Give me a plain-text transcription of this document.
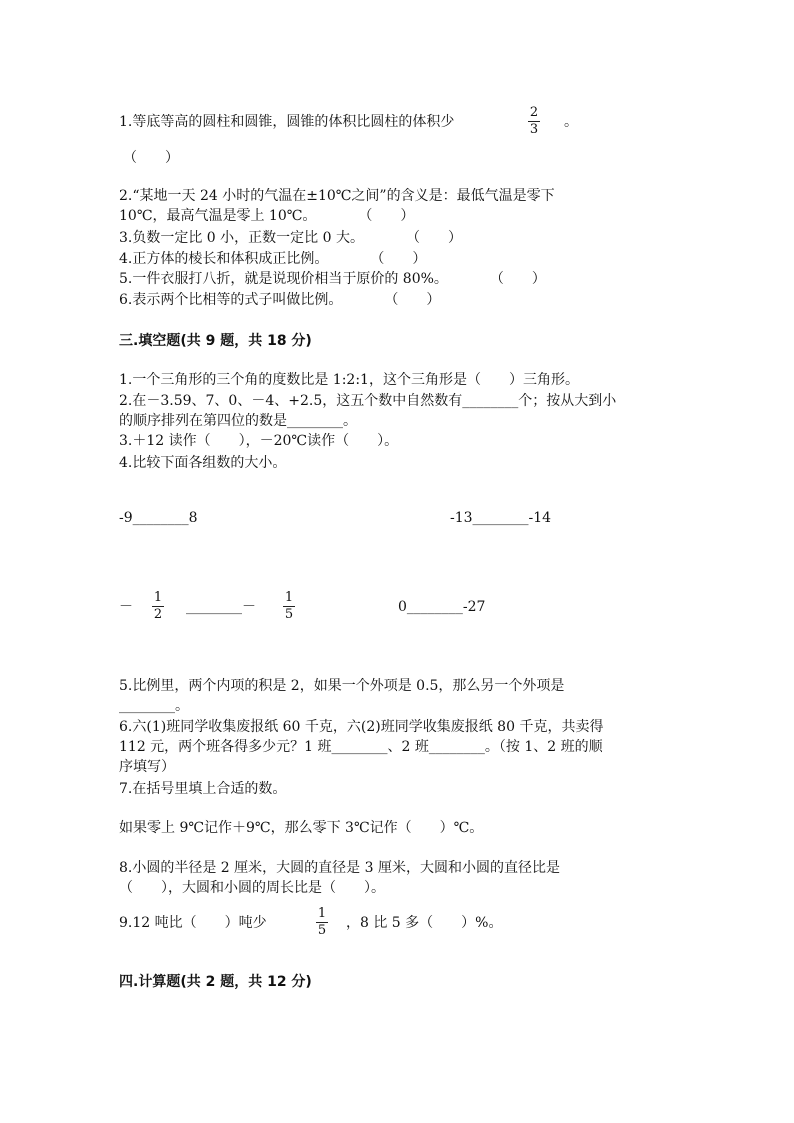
1.等底等高的圆柱和圆锥，圆锥的体积比圆柱的体积少
2
3 。
（　　）
2.“某地一天 24 小时的气温在±10℃之间”的含义是：最低气温是零下
10℃，最高气温是零上 10℃。　　　　（　　）
3.负数一定比 0 小，正数一定比 0 大。　　　　（　　）
4.正方体的棱长和体积成正比例。　　　　（　　）
5.一件衣服打八折，就是说现价相当于原价的 80%。　　　　（　　）
6.表示两个比相等的式子叫做比例。　　　　（　　）
三.填空题(共 9 题，共 18 分)
1.一个三角形的三个角的度数比是 1:2:1，这个三角形是（　　）三角形。
2.在－3.59、7、0、－4、+2.5，这五个数中自然数有________个；按从大到小
的顺序排列在第四位的数是________。
3.＋12 读作（　　），－20℃读作（　　）。
4.比较下面各组数的大小。
-9________8	-13________-14
－
1
2 ________－
1
5	0________-27
5.比例里，两个内项的积是 2，如果一个外项是 0.5，那么另一个外项是
________。
6.六(1)班同学收集废报纸 60 千克，六(2)班同学收集废报纸 80 千克，共卖得
112 元，两个班各得多少元？1 班________、2 班________。（按 1、2 班的顺
序填写）
7.在括号里填上合适的数。
如果零上 9℃记作＋9℃，那么零下 3℃记作（　　）℃。
8.小圆的半径是 2 厘米，大圆的直径是 3 厘米，大圆和小圆的直径比是
（　　），大圆和小圆的周长比是（　　）。
9.12 吨比（　　）吨少
1
5 ，8 比 5 多（　　）%。
四.计算题(共 2 题，共 12 分)
